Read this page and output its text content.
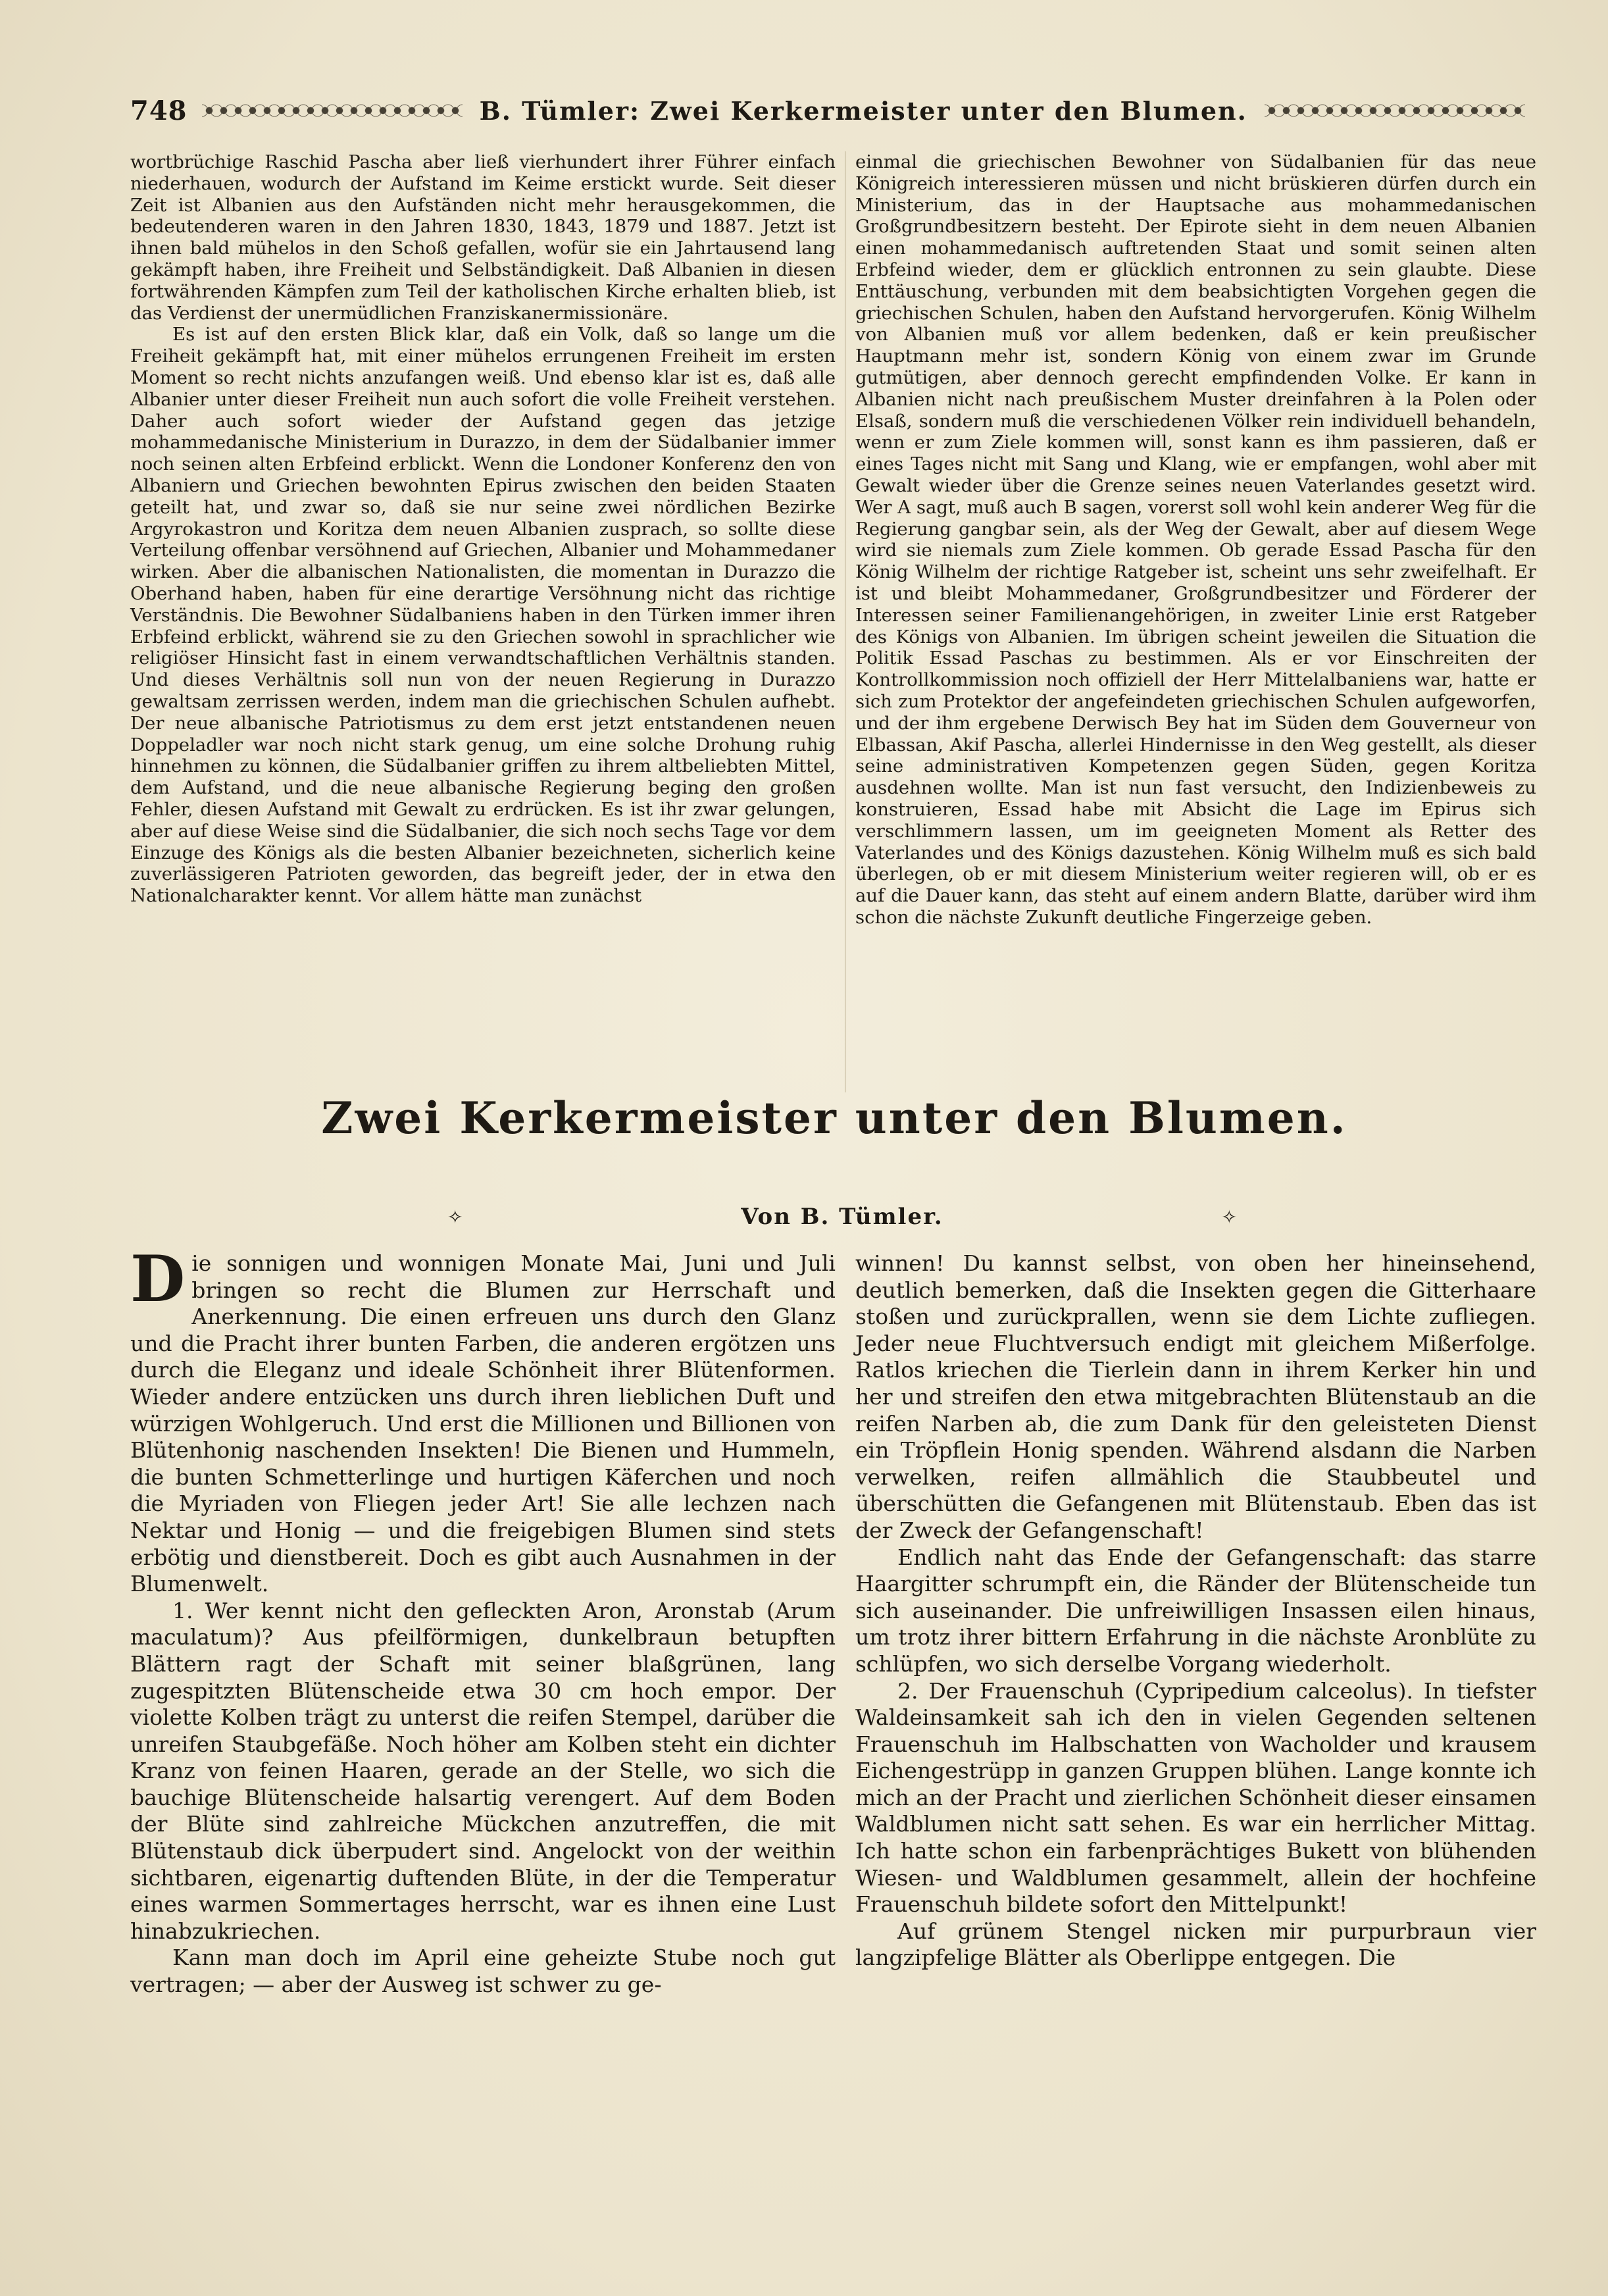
748	B. Tümler: Zwei Kerkermeister unter den Blumen.

wortbrüchige Raschid Pascha aber ließ vierhundert ihrer Führer einfach niederhauen, wodurch der Aufstand im Keime erstickt wurde. Seit dieser Zeit ist Albanien aus den Aufständen nicht mehr herausgekommen, die bedeutenderen waren in den Jahren 1830, 1843, 1879 und 1887. Jetzt ist ihnen bald mühelos in den Schoß gefallen, wofür sie ein Jahrtausend lang gekämpft haben, ihre Freiheit und Selbständigkeit. Daß Albanien in diesen fortwährenden Kämpfen zum Teil der katholischen Kirche erhalten blieb, ist das Verdienst der unermüdlichen Franziskanermissionäre.

Es ist auf den ersten Blick klar, daß ein Volk, daß so lange um die Freiheit gekämpft hat, mit einer mühelos errungenen Freiheit im ersten Moment so recht nichts anzufangen weiß. Und ebenso klar ist es, daß alle Albanier unter dieser Freiheit nun auch sofort die volle Freiheit verstehen. Daher auch sofort wieder der Aufstand gegen das jetzige mohammedanische Ministerium in Durazzo, in dem der Südalbanier immer noch seinen alten Erbfeind erblickt. Wenn die Londoner Konferenz den von Albaniern und Griechen bewohnten Epirus zwischen den beiden Staaten geteilt hat, und zwar so, daß sie nur seine zwei nördlichen Bezirke Argyrokastron und Koritza dem neuen Albanien zusprach, so sollte diese Verteilung offenbar versöhnend auf Griechen, Albanier und Mohammedaner wirken. Aber die albanischen Nationalisten, die momentan in Durazzo die Oberhand haben, haben für eine derartige Versöhnung nicht das richtige Verständnis. Die Bewohner Südalbaniens haben in den Türken immer ihren Erbfeind erblickt, während sie zu den Griechen sowohl in sprachlicher wie religiöser Hinsicht fast in einem verwandtschaftlichen Verhältnis standen. Und dieses Verhältnis soll nun von der neuen Regierung in Durazzo gewaltsam zerrissen werden, indem man die griechischen Schulen aufhebt. Der neue albanische Patriotismus zu dem erst jetzt entstandenen neuen Doppeladler war noch nicht stark genug, um eine solche Drohung ruhig hinnehmen zu können, die Südalbanier griffen zu ihrem altbeliebten Mittel, dem Aufstand, und die neue albanische Regierung beging den großen Fehler, diesen Aufstand mit Gewalt zu erdrücken. Es ist ihr zwar gelungen, aber auf diese Weise sind die Südalbanier, die sich noch sechs Tage vor dem Einzuge des Königs als die besten Albanier bezeichneten, sicherlich keine zuverlässigeren Patrioten geworden, das begreift jeder, der in etwa den Nationalcharakter kennt. Vor allem hätte man zunächst

einmal die griechischen Bewohner von Südalbanien für das neue Königreich interessieren müssen und nicht brüskieren dürfen durch ein Ministerium, das in der Hauptsache aus mohammedanischen Großgrundbesitzern besteht. Der Epirote sieht in dem neuen Albanien einen mohammedanisch auftretenden Staat und somit seinen alten Erbfeind wieder, dem er glücklich entronnen zu sein glaubte. Diese Enttäuschung, verbunden mit dem beabsichtigten Vorgehen gegen die griechischen Schulen, haben den Aufstand hervorgerufen. König Wilhelm von Albanien muß vor allem bedenken, daß er kein preußischer Hauptmann mehr ist, sondern König von einem zwar im Grunde gutmütigen, aber dennoch gerecht empfindenden Volke. Er kann in Albanien nicht nach preußischem Muster dreinfahren à la Polen oder Elsaß, sondern muß die verschiedenen Völker rein individuell behandeln, wenn er zum Ziele kommen will, sonst kann es ihm passieren, daß er eines Tages nicht mit Sang und Klang, wie er empfangen, wohl aber mit Gewalt wieder über die Grenze seines neuen Vaterlandes gesetzt wird. Wer A sagt, muß auch B sagen, vorerst soll wohl kein anderer Weg für die Regierung gangbar sein, als der Weg der Gewalt, aber auf diesem Wege wird sie niemals zum Ziele kommen. Ob gerade Essad Pascha für den König Wilhelm der richtige Ratgeber ist, scheint uns sehr zweifelhaft. Er ist und bleibt Mohammedaner, Großgrundbesitzer und Förderer der Interessen seiner Familienangehörigen, in zweiter Linie erst Ratgeber des Königs von Albanien. Im übrigen scheint jeweilen die Situation die Politik Essad Paschas zu bestimmen. Als er vor Einschreiten der Kontrollkommission noch offiziell der Herr Mittelalbaniens war, hatte er sich zum Protektor der angefeindeten griechischen Schulen aufgeworfen, und der ihm ergebene Derwisch Bey hat im Süden dem Gouverneur von Elbassan, Akif Pascha, allerlei Hindernisse in den Weg gestellt, als dieser seine administrativen Kompetenzen gegen Süden, gegen Koritza ausdehnen wollte. Man ist nun fast versucht, den Indizienbeweis zu konstruieren, Essad habe mit Absicht die Lage im Epirus sich verschlimmern lassen, um im geeigneten Moment als Retter des Vaterlandes und des Königs dazustehen. König Wilhelm muß es sich bald überlegen, ob er mit diesem Ministerium weiter regieren will, ob er es auf die Dauer kann, das steht auf einem andern Blatte, darüber wird ihm schon die nächste Zukunft deutliche Fingerzeige geben.

Zwei Kerkermeister unter den Blumen.
✧	Von B. Tümler.	✧

Die sonnigen und wonnigen Monate Mai, Juni und Juli bringen so recht die Blumen zur Herrschaft und Anerkennung. Die einen erfreuen uns durch den Glanz und die Pracht ihrer bunten Farben, die anderen ergötzen uns durch die Eleganz und ideale Schönheit ihrer Blütenformen. Wieder andere entzücken uns durch ihren lieblichen Duft und würzigen Wohlgeruch. Und erst die Millionen und Billionen von Blütenhonig naschenden Insekten! Die Bienen und Hummeln, die bunten Schmetterlinge und hurtigen Käferchen und noch die Myriaden von Fliegen jeder Art! Sie alle lechzen nach Nektar und Honig — und die freigebigen Blumen sind stets erbötig und dienstbereit. Doch es gibt auch Ausnahmen in der Blumenwelt.

1. Wer kennt nicht den gefleckten Aron, Aronstab (Arum maculatum)? Aus pfeilförmigen, dunkelbraun betupften Blättern ragt der Schaft mit seiner blaßgrünen, lang zugespitzten Blütenscheide etwa 30 cm hoch empor. Der violette Kolben trägt zu unterst die reifen Stempel, darüber die unreifen Staubgefäße. Noch höher am Kolben steht ein dichter Kranz von feinen Haaren, gerade an der Stelle, wo sich die bauchige Blütenscheide halsartig verengert. Auf dem Boden der Blüte sind zahlreiche Mückchen anzutreffen, die mit Blütenstaub dick überpudert sind. Angelockt von der weithin sichtbaren, eigenartig duftenden Blüte, in der die Temperatur eines warmen Sommertages herrscht, war es ihnen eine Lust hinabzukriechen.

Kann man doch im April eine geheizte Stube noch gut vertragen; — aber der Ausweg ist schwer zu ge-

winnen! Du kannst selbst, von oben her hineinsehend, deutlich bemerken, daß die Insekten gegen die Gitterhaare stoßen und zurückprallen, wenn sie dem Lichte zufliegen. Jeder neue Fluchtversuch endigt mit gleichem Mißerfolge. Ratlos kriechen die Tierlein dann in ihrem Kerker hin und her und streifen den etwa mitgebrachten Blütenstaub an die reifen Narben ab, die zum Dank für den geleisteten Dienst ein Tröpflein Honig spenden. Während alsdann die Narben verwelken, reifen allmählich die Staubbeutel und überschütten die Gefangenen mit Blütenstaub. Eben das ist der Zweck der Gefangenschaft!

Endlich naht das Ende der Gefangenschaft: das starre Haargitter schrumpft ein, die Ränder der Blütenscheide tun sich auseinander. Die unfreiwilligen Insassen eilen hinaus, um trotz ihrer bittern Erfahrung in die nächste Aronblüte zu schlüpfen, wo sich derselbe Vorgang wiederholt.

2. Der Frauenschuh (Cypripedium calceolus). In tiefster Waldeinsamkeit sah ich den in vielen Gegenden seltenen Frauenschuh im Halbschatten von Wacholder und krausem Eichengestrüpp in ganzen Gruppen blühen. Lange konnte ich mich an der Pracht und zierlichen Schönheit dieser einsamen Waldblumen nicht satt sehen. Es war ein herrlicher Mittag. Ich hatte schon ein farbenprächtiges Bukett von blühenden Wiesen- und Waldblumen gesammelt, allein der hochfeine Frauenschuh bildete sofort den Mittelpunkt!

Auf grünem Stengel nicken mir purpurbraun vier langzipfelige Blätter als Oberlippe entgegen. Die
